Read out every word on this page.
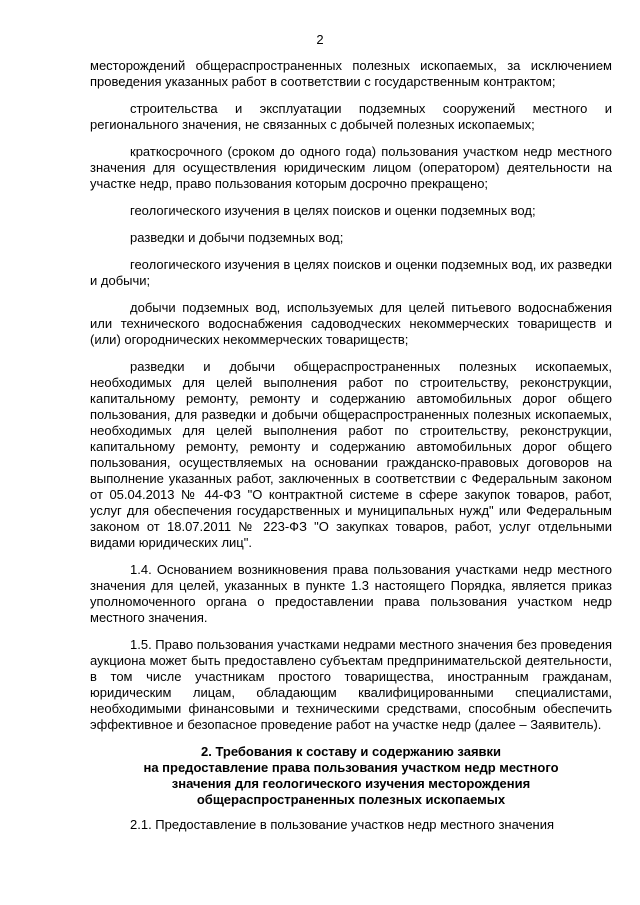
2

месторождений общераспространенных полезных ископаемых, за исключением проведения указанных работ в соответствии с государственным контрактом;

строительства и эксплуатации подземных сооружений местного и регионального значения, не связанных с добычей полезных ископаемых;

краткосрочного (сроком до одного года) пользования участком недр местного значения для осуществления юридическим лицом (оператором) деятельности на участке недр, право пользования которым досрочно прекращено;

геологического изучения в целях поисков и оценки подземных вод;

разведки и добычи подземных вод;

геологического изучения в целях поисков и оценки подземных вод, их разведки и добычи;

добычи подземных вод, используемых для целей питьевого водоснабжения или технического водоснабжения садоводческих некоммерческих товариществ и (или) огороднических некоммерческих товариществ;

разведки и добычи общераспространенных полезных ископаемых, необходимых для целей выполнения работ по строительству, реконструкции, капитальному ремонту, ремонту и содержанию автомобильных дорог общего пользования, для разведки и добычи общераспространенных полезных ископаемых, необходимых для целей выполнения работ по строительству, реконструкции, капитальному ремонту, ремонту и содержанию автомобильных дорог общего пользования, осуществляемых на основании гражданско-правовых договоров на выполнение указанных работ, заключенных в соответствии с Федеральным законом от 05.04.2013 № 44-ФЗ "О контрактной системе в сфере закупок товаров, работ, услуг для обеспечения государственных и муниципальных нужд" или Федеральным законом от 18.07.2011 № 223-ФЗ "О закупках товаров, работ, услуг отдельными видами юридических лиц".

1.4. Основанием возникновения права пользования участками недр местного значения для целей, указанных в пункте 1.3 настоящего Порядка, является приказ уполномоченного органа о предоставлении права пользования участком недр местного значения.

1.5. Право пользования участками недрами местного значения без проведения аукциона может быть предоставлено субъектам предпринимательской деятельности, в том числе участникам простого товарищества, иностранным гражданам, юридическим лицам, обладающим квалифицированными специалистами, необходимыми финансовыми и техническими средствами, способным обеспечить эффективное и безопасное проведение работ на участке недр (далее – Заявитель).

2. Требования к составу и содержанию заявки
на предоставление права пользования участком недр местного
значения для геологического изучения месторождения
общераспространенных полезных ископаемых

2.1. Предоставление в пользование участков недр местного значения
